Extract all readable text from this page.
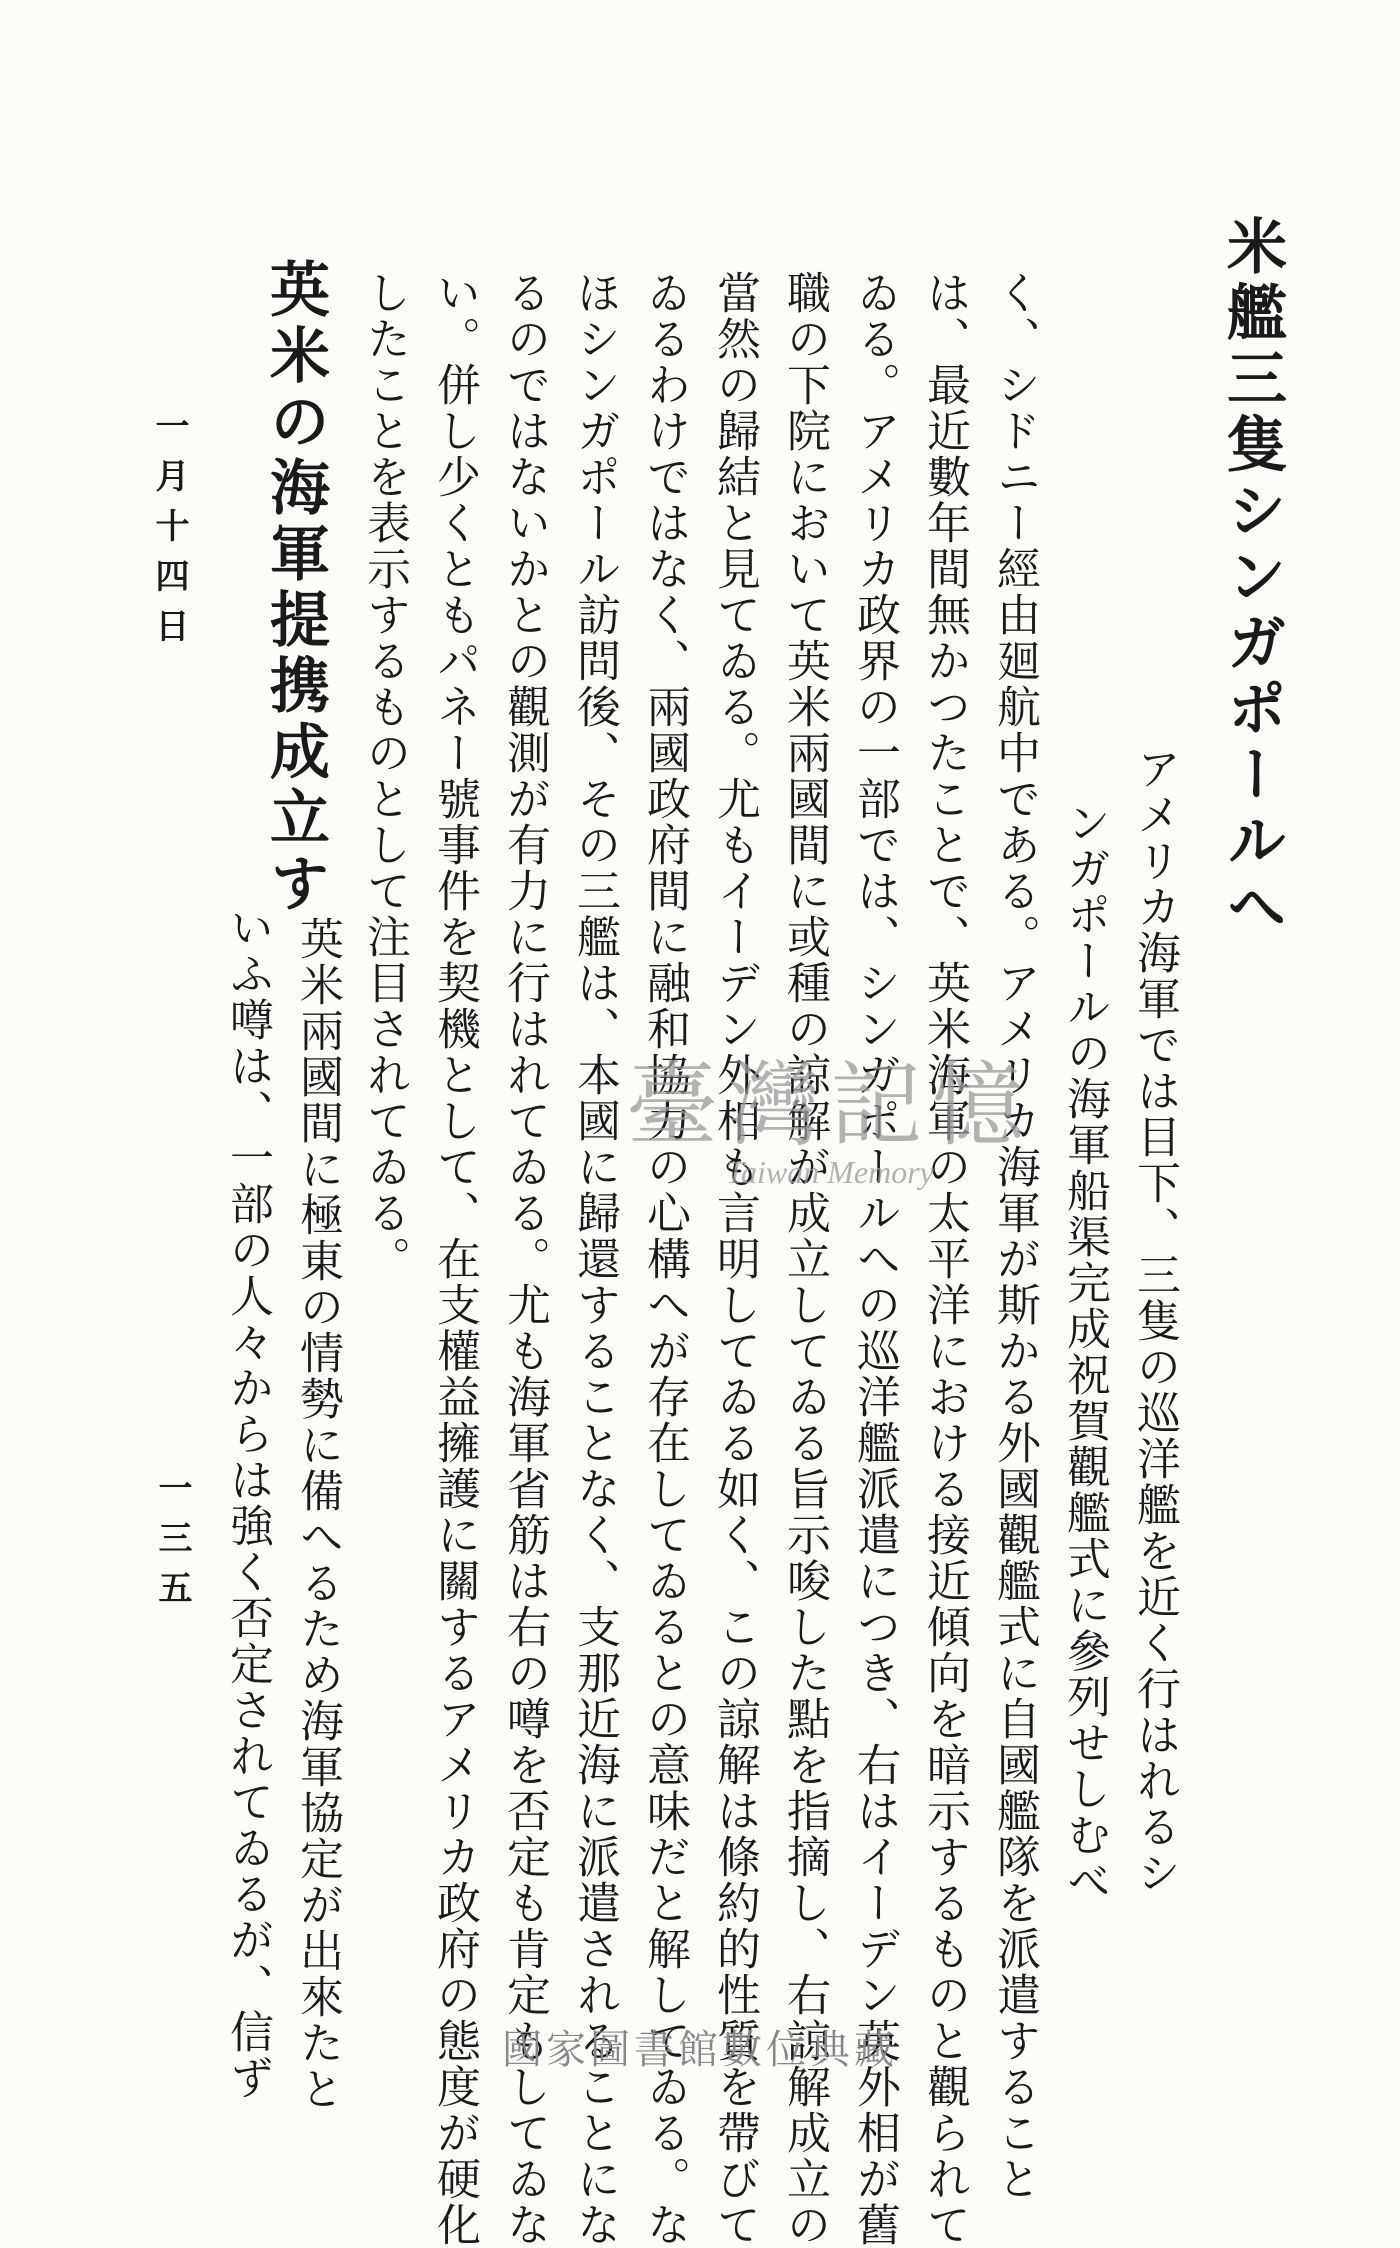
米艦三隻シンガポールへ
　アメリカ海軍では目下、三隻の巡洋艦を近く行はれるシ
ンガポールの海軍船渠完成祝賀觀艦式に參列せしむべ
く、シドニー經由廻航中である。アメリカ海軍が斯かる外國觀艦式に自國艦隊を派遣すること
は、最近數年間無かつたことで、英米海軍の太平洋における接近傾向を暗示するものと觀られて
ゐる。アメリカ政界の一部では、シンガポールへの巡洋艦派遣につき、右はイーデン英外相が舊
職の下院において英米兩國間に或種の諒解が成立してゐる旨示唆した點を指摘し、右諒解成立の
當然の歸結と見てゐる。尤もイーデン外相も言明してゐる如く、この諒解は條約的性質を帶びて
ゐるわけではなく、兩國政府間に融和協力の心構へが存在してゐるとの意味だと解してゐる。な
ほシンガポール訪問後、その三艦は、本國に歸還することなく、支那近海に派遣されることにな
るのではないかとの觀測が有力に行はれてゐる。尤も海軍省筋は右の噂を否定も肯定もしてゐな
い。併し少くともパネー號事件を契機として、在支權益擁護に關するアメリカ政府の態度が硬化
したことを表示するものとして注目されてゐる。
英米の海軍提携成立す
　英米兩國間に極東の情勢に備へるため海軍協定が出來たと
いふ噂は、一部の人々からは強く否定されてゐるが、信ず
一月十四日
一三五
臺灣記憶
Taiwan Memory
國家圖書館數位典藏
